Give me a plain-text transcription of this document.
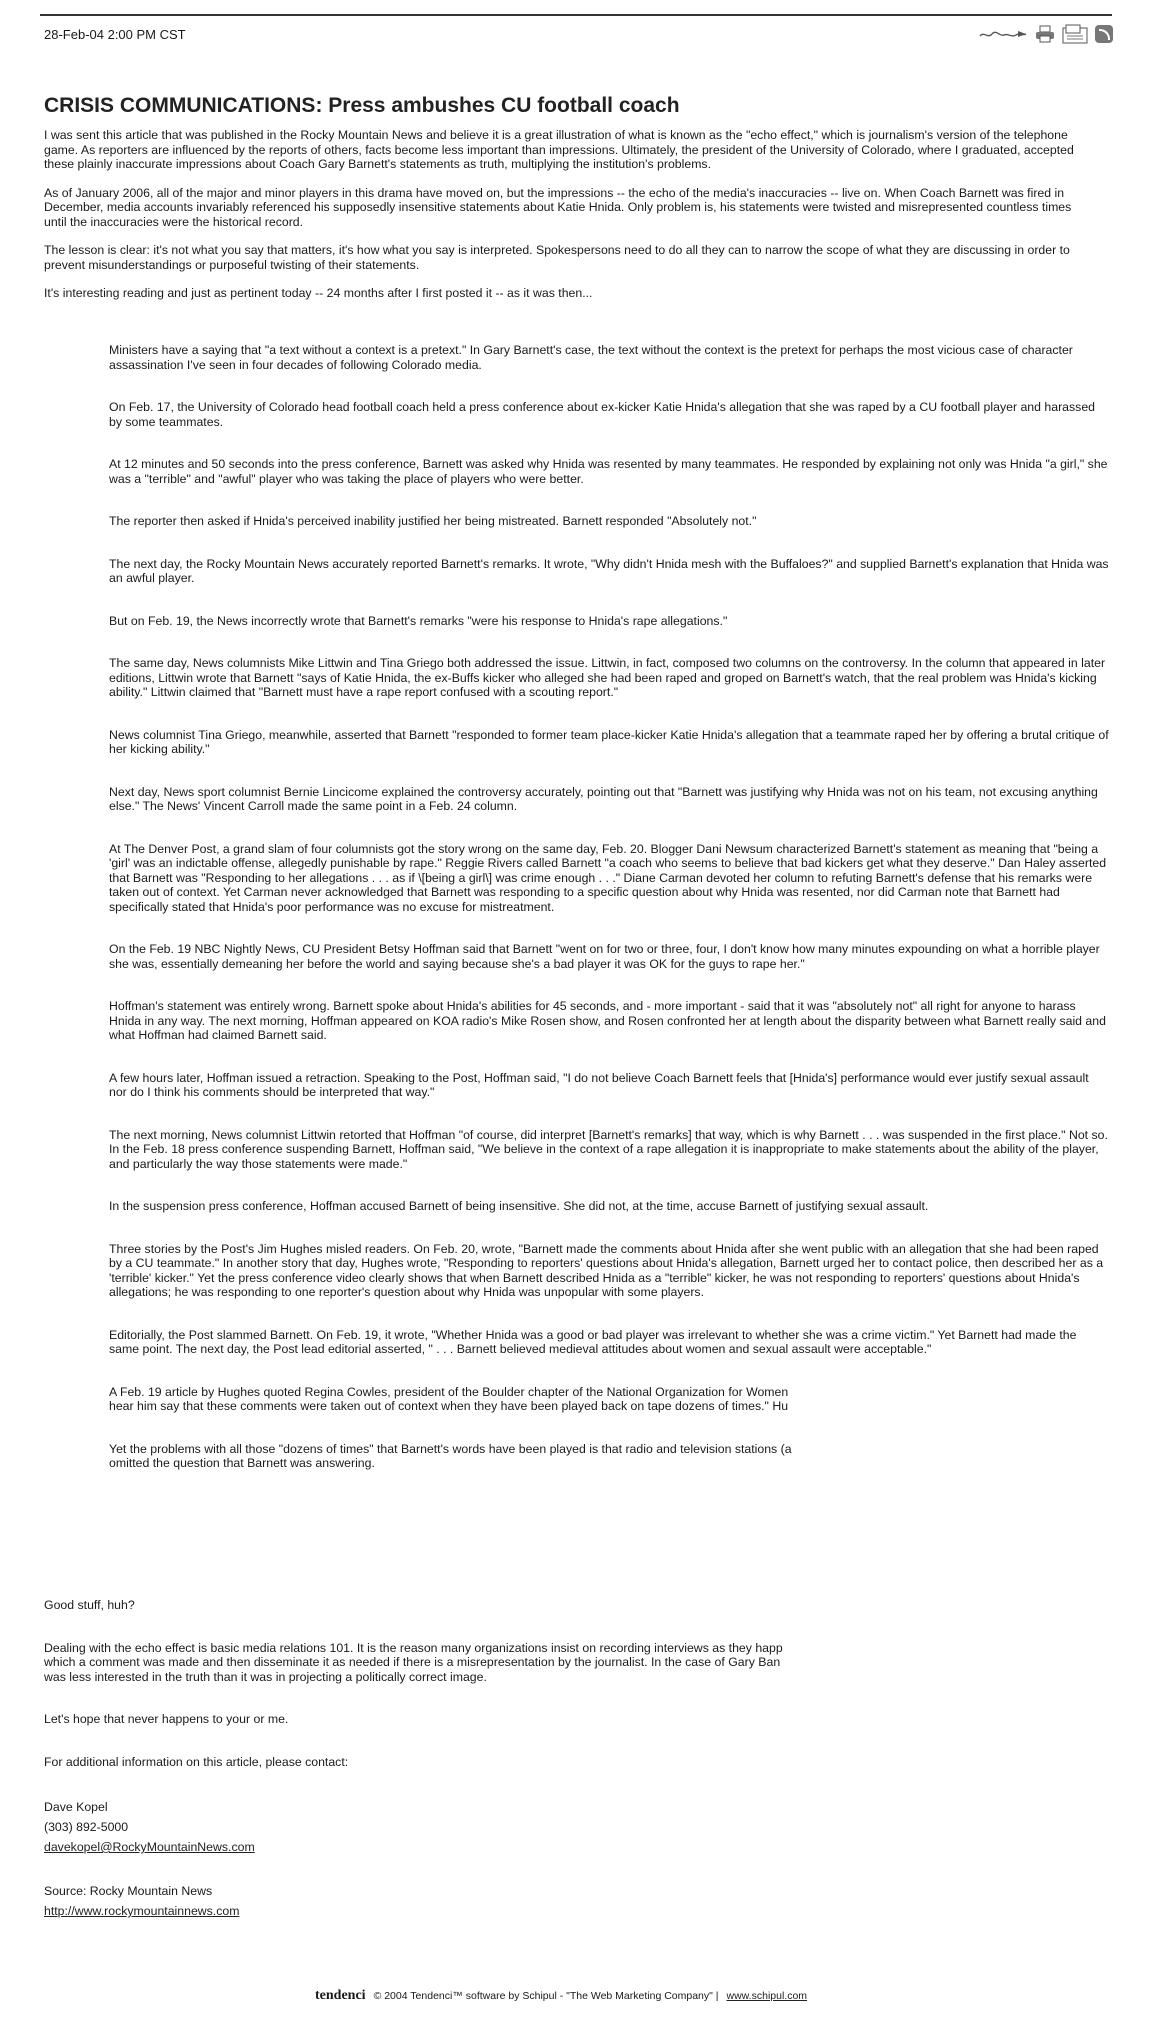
28-Feb-04 2:00 PM CST
CRISIS COMMUNICATIONS: Press ambushes CU football coach

I was sent this article that was published in the Rocky Mountain News and believe it is a great illustration of what is known as the "echo effect," which is journalism's version of the telephone game. As reporters are influenced by the reports of others, facts become less important than impressions. Ultimately, the president of the University of Colorado, where I graduated, accepted these plainly inaccurate impressions about Coach Gary Barnett's statements as truth, multiplying the institution's problems.

As of January 2006, all of the major and minor players in this drama have moved on, but the impressions -- the echo of the media's inaccuracies -- live on. When Coach Barnett was fired in December, media accounts invariably referenced his supposedly insensitive statements about Katie Hnida. Only problem is, his statements were twisted and misrepresented countless times until the inaccuracies were the historical record.

The lesson is clear: it's not what you say that matters, it's how what you say is interpreted. Spokespersons need to do all they can to narrow the scope of what they are discussing in order to prevent misunderstandings or purposeful twisting of their statements.

It's interesting reading and just as pertinent today -- 24 months after I first posted it -- as it was then...

Ministers have a saying that "a text without a context is a pretext." In Gary Barnett's case, the text without the context is the pretext for perhaps the most vicious case of character assassination I've seen in four decades of following Colorado media.

On Feb. 17, the University of Colorado head football coach held a press conference about ex-kicker Katie Hnida's allegation that she was raped by a CU football player and harassed by some teammates.

At 12 minutes and 50 seconds into the press conference, Barnett was asked why Hnida was resented by many teammates. He responded by explaining not only was Hnida "a girl," she was a "terrible" and "awful" player who was taking the place of players who were better.

The reporter then asked if Hnida's perceived inability justified her being mistreated. Barnett responded "Absolutely not."

The next day, the Rocky Mountain News accurately reported Barnett's remarks. It wrote, "Why didn't Hnida mesh with the Buffaloes?" and supplied Barnett's explanation that Hnida was an awful player.

But on Feb. 19, the News incorrectly wrote that Barnett's remarks "were his response to Hnida's rape allegations."

The same day, News columnists Mike Littwin and Tina Griego both addressed the issue. Littwin, in fact, composed two columns on the controversy. In the column that appeared in later editions, Littwin wrote that Barnett "says of Katie Hnida, the ex-Buffs kicker who alleged she had been raped and groped on Barnett's watch, that the real problem was Hnida's kicking ability." Littwin claimed that "Barnett must have a rape report confused with a scouting report."

News columnist Tina Griego, meanwhile, asserted that Barnett "responded to former team place-kicker Katie Hnida's allegation that a teammate raped her by offering a brutal critique of her kicking ability."

Next day, News sport columnist Bernie Lincicome explained the controversy accurately, pointing out that "Barnett was justifying why Hnida was not on his team, not excusing anything else." The News' Vincent Carroll made the same point in a Feb. 24 column.

At The Denver Post, a grand slam of four columnists got the story wrong on the same day, Feb. 20. Blogger Dani Newsum characterized Barnett's statement as meaning that "being a 'girl' was an indictable offense, allegedly punishable by rape." Reggie Rivers called Barnett "a coach who seems to believe that bad kickers get what they deserve." Dan Haley asserted that Barnett was "Responding to her allegations . . . as if \[being a girl\] was crime enough . . ." Diane Carman devoted her column to refuting Barnett's defense that his remarks were taken out of context. Yet Carman never acknowledged that Barnett was responding to a specific question about why Hnida was resented, nor did Carman note that Barnett had specifically stated that Hnida's poor performance was no excuse for mistreatment.

On the Feb. 19 NBC Nightly News, CU President Betsy Hoffman said that Barnett "went on for two or three, four, I don't know how many minutes expounding on what a horrible player she was, essentially demeaning her before the world and saying because she's a bad player it was OK for the guys to rape her."

Hoffman's statement was entirely wrong. Barnett spoke about Hnida's abilities for 45 seconds, and - more important - said that it was "absolutely not" all right for anyone to harass Hnida in any way. The next morning, Hoffman appeared on KOA radio's Mike Rosen show, and Rosen confronted her at length about the disparity between what Barnett really said and what Hoffman had claimed Barnett said.

A few hours later, Hoffman issued a retraction. Speaking to the Post, Hoffman said, "I do not believe Coach Barnett feels that [Hnida's] performance would ever justify sexual assault nor do I think his comments should be interpreted that way."

The next morning, News columnist Littwin retorted that Hoffman "of course, did interpret [Barnett's remarks] that way, which is why Barnett . . . was suspended in the first place." Not so. In the Feb. 18 press conference suspending Barnett, Hoffman said, "We believe in the context of a rape allegation it is inappropriate to make statements about the ability of the player, and particularly the way those statements were made."

In the suspension press conference, Hoffman accused Barnett of being insensitive. She did not, at the time, accuse Barnett of justifying sexual assault.

Three stories by the Post's Jim Hughes misled readers. On Feb. 20, wrote, "Barnett made the comments about Hnida after she went public with an allegation that she had been raped by a CU teammate." In another story that day, Hughes wrote, "Responding to reporters' questions about Hnida's allegation, Barnett urged her to contact police, then described her as a 'terrible' kicker." Yet the press conference video clearly shows that when Barnett described Hnida as a "terrible" kicker, he was not responding to reporters' questions about Hnida's allegations; he was responding to one reporter's question about why Hnida was unpopular with some players.

Editorially, the Post slammed Barnett. On Feb. 19, it wrote, "Whether Hnida was a good or bad player was irrelevant to whether she was a crime victim." Yet Barnett had made the same point. The next day, the Post lead editorial asserted, " . . . Barnett believed medieval attitudes about women and sexual assault were acceptable."

A Feb. 19 article by Hughes quoted Regina Cowles, president of the Boulder chapter of the National Organization for Women
hear him say that these comments were taken out of context when they have been played back on tape dozens of times." Hu

Yet the problems with all those "dozens of times" that Barnett's words have been played is that radio and television stations (a
omitted the question that Barnett was answering.

Good stuff, huh?

Dealing with the echo effect is basic media relations 101. It is the reason many organizations insist on recording interviews as they happ
which a comment was made and then disseminate it as needed if there is a misrepresentation by the journalist. In the case of Gary Ban
was less interested in the truth than it was in projecting a politically correct image.

Let's hope that never happens to your or me.

For additional information on this article, please contact:

Dave Kopel
(303) 892-5000
davekopel@RockyMountainNews.com
Source: Rocky Mountain News
http://www.rockymountainnews.com
tendenci © 2004 Tendenci™ software by Schipul - "The Web Marketing Company" | www.schipul.com
